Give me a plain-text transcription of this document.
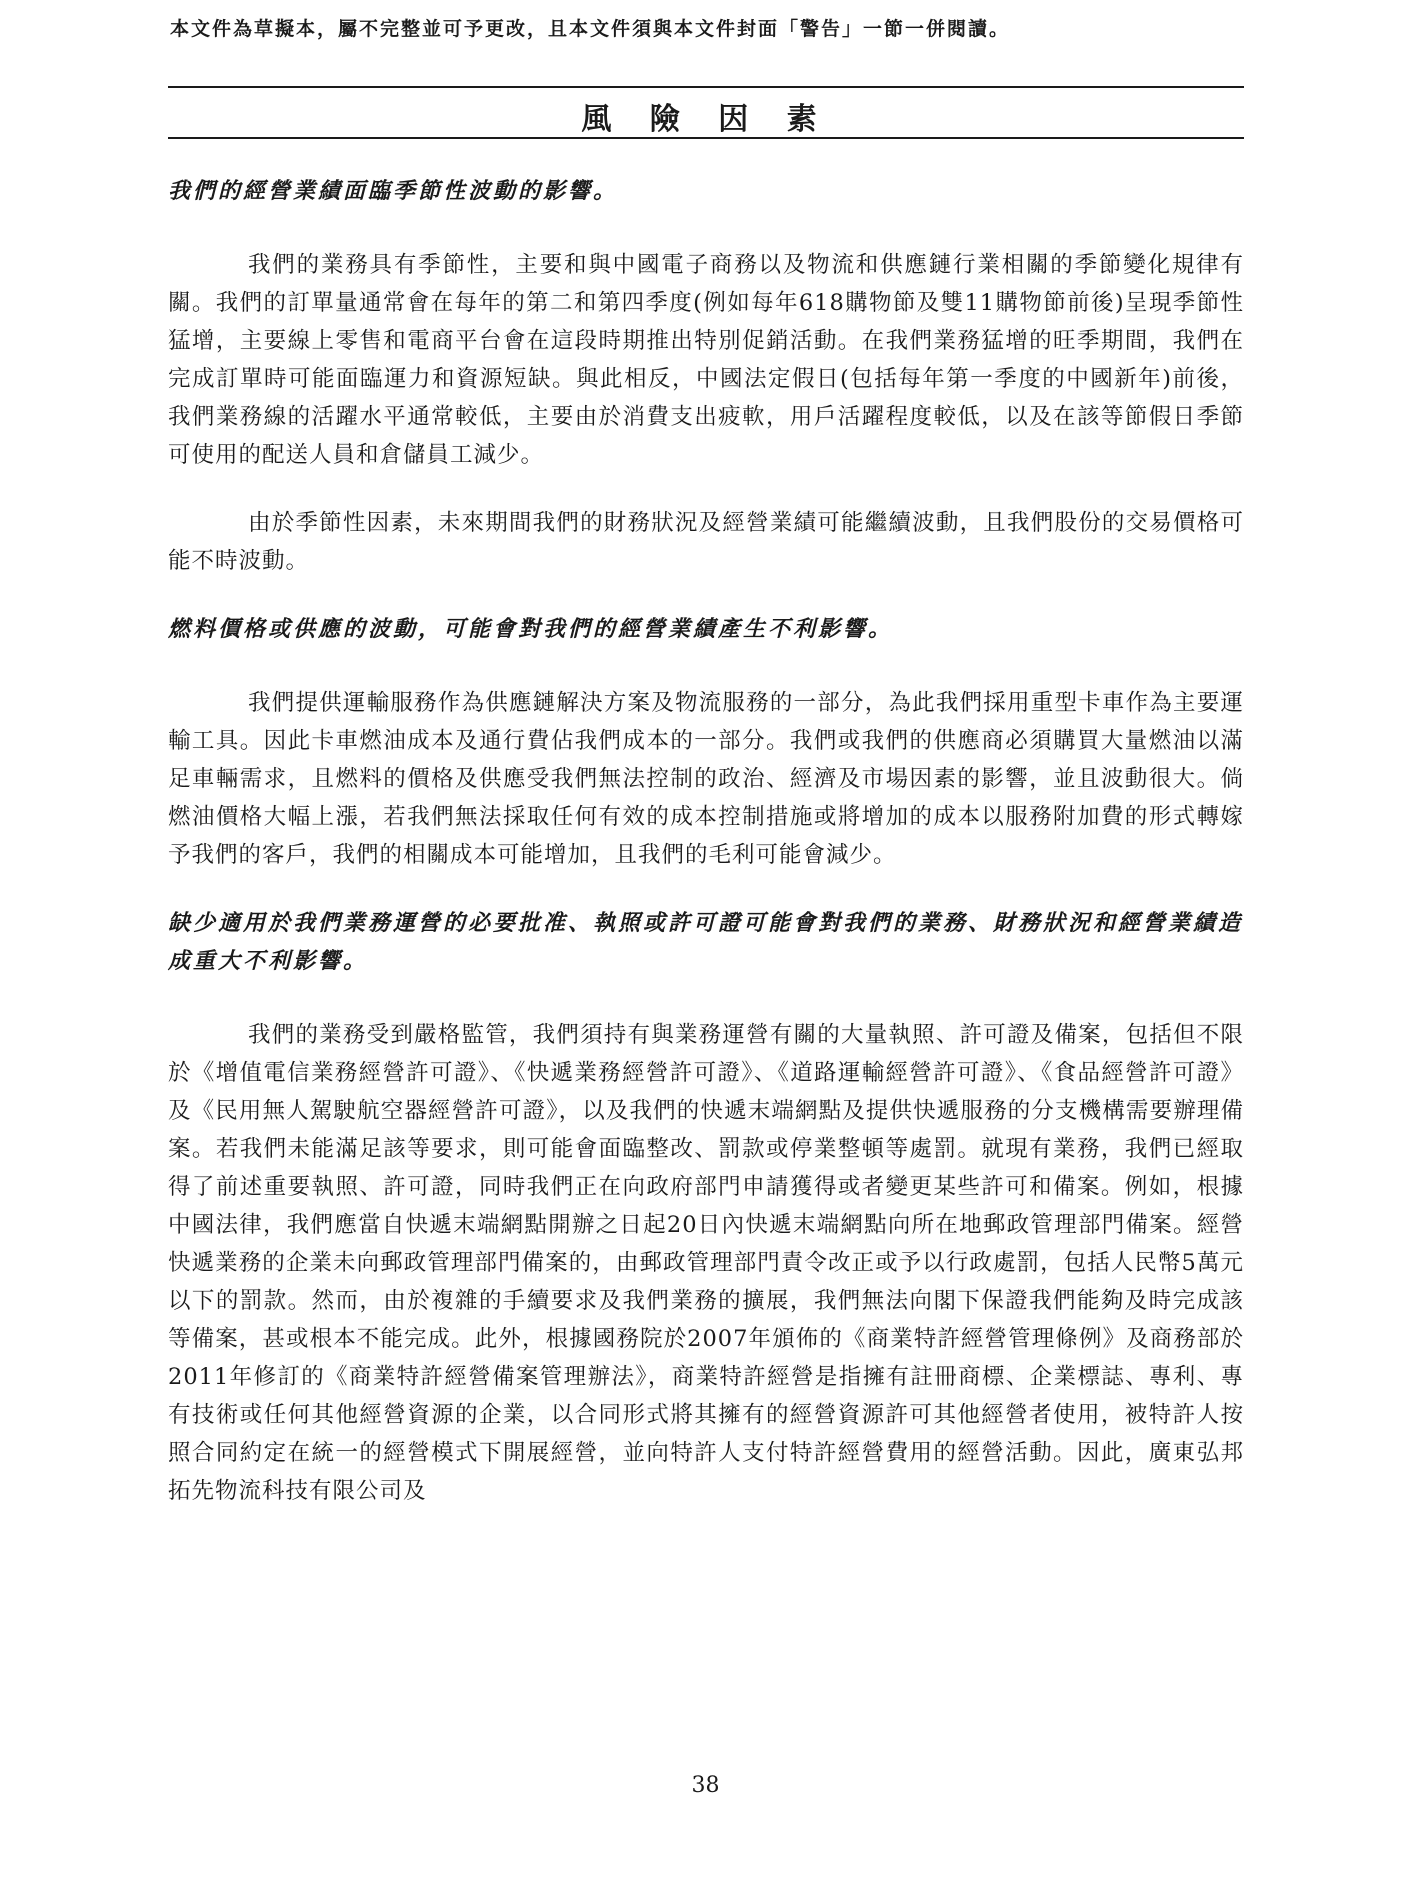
本文件為草擬本，屬不完整並可予更改，且本文件須與本文件封面「警告」一節一併閱讀。
風 險 因 素

我們的經營業績面臨季節性波動的影響。

我們的業務具有季節性，主要和與中國電子商務以及物流和供應鏈行業相關的季節變化規律有關。我們的訂單量通常會在每年的第二和第四季度(例如每年618購物節及雙11購物節前後)呈現季節性猛增，主要線上零售和電商平台會在這段時期推出特別促銷活動。在我們業務猛增的旺季期間，我們在完成訂單時可能面臨運力和資源短缺。與此相反，中國法定假日(包括每年第一季度的中國新年)前後，我們業務線的活躍水平通常較低，主要由於消費支出疲軟，用戶活躍程度較低，以及在該等節假日季節可使用的配送人員和倉儲員工減少。

由於季節性因素，未來期間我們的財務狀況及經營業績可能繼續波動，且我們股份的交易價格可能不時波動。

燃料價格或供應的波動，可能會對我們的經營業績產生不利影響。

我們提供運輸服務作為供應鏈解決方案及物流服務的一部分，為此我們採用重型卡車作為主要運輸工具。因此卡車燃油成本及通行費佔我們成本的一部分。我們或我們的供應商必須購買大量燃油以滿足車輛需求，且燃料的價格及供應受我們無法控制的政治、經濟及市場因素的影響，並且波動很大。倘燃油價格大幅上漲，若我們無法採取任何有效的成本控制措施或將增加的成本以服務附加費的形式轉嫁予我們的客戶，我們的相關成本可能增加，且我們的毛利可能會減少。

缺少適用於我們業務運營的必要批准、執照或許可證可能會對我們的業務、財務狀況和經營業績造成重大不利影響。

我們的業務受到嚴格監管，我們須持有與業務運營有關的大量執照、許可證及備案，包括但不限於《增值電信業務經營許可證》、《快遞業務經營許可證》、《道路運輸經營許可證》、《食品經營許可證》及《民用無人駕駛航空器經營許可證》，以及我們的快遞末端網點及提供快遞服務的分支機構需要辦理備案。若我們未能滿足該等要求，則可能會面臨整改、罰款或停業整頓等處罰。就現有業務，我們已經取得了前述重要執照、許可證，同時我們正在向政府部門申請獲得或者變更某些許可和備案。例如，根據中國法律，我們應當自快遞末端網點開辦之日起20日內快遞末端網點向所在地郵政管理部門備案。經營快遞業務的企業未向郵政管理部門備案的，由郵政管理部門責令改正或予以行政處罰，包括人民幣5萬元以下的罰款。然而，由於複雜的手續要求及我們業務的擴展，我們無法向閣下保證我們能夠及時完成該等備案，甚或根本不能完成。此外，根據國務院於2007年頒佈的《商業特許經營管理條例》及商務部於2011年修訂的《商業特許經營備案管理辦法》，商業特許經營是指擁有註冊商標、企業標誌、專利、專有技術或任何其他經營資源的企業，以合同形式將其擁有的經營資源許可其他經營者使用，被特許人按照合同約定在統一的經營模式下開展經營，並向特許人支付特許經營費用的經營活動。因此，廣東弘邦拓先物流科技有限公司及

38
